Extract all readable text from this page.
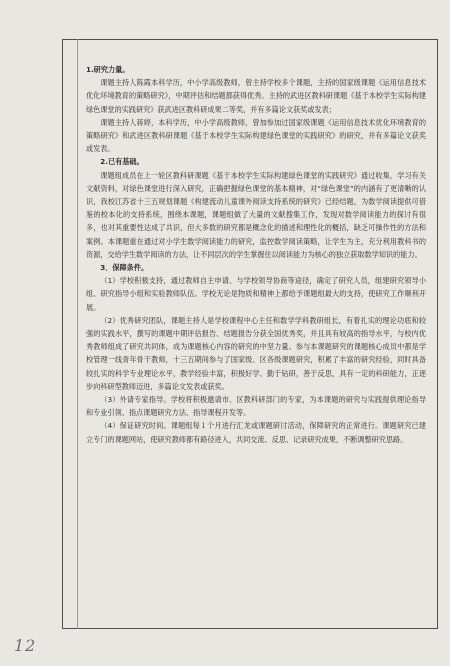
1.研究力量。

课题主持人陈霞本科学历，中小学高级教师，曾主持学校多个课题，主持的国家级课题《运用信息技术优化环境教育的策略研究》，中期评估和结题都获得优秀。主持的武进区教科研课题《基于本校学生实际构建绿色课堂的实践研究》获武进区教科研成果二等奖，并有多篇论文获奖或发表；

课题主持人蒋婷，本科学历，中小学高级教师，曾加参加过国家级课题《运用信息技术优化环境教育的策略研究》和武进区教科研课题《基于本校学生实际构建绿色课堂的实践研究》的研究，并有多篇论文获奖或发表。

2.已有基础。

课题组成员在上一轮区教科研课题《基于本校学生实际构建绿色课堂的实践研究》通过收集、学习有关文献资料，对绿色课堂进行深入研究，正确把握绿色课堂的基本精神，对“绿色课堂”的内涵有了更清晰的认识，我校江苏省十三五规划课题《构建流动儿童课外阅读支持系统的研究》已经结题，为数学阅读提供可借鉴的校本化的支持系统，围绕本课题，课题组做了大量的文献搜集工作，发现对数学阅读能力的探讨有很多，也对其重要性达成了共识，但大多数的研究都是概念化的描述和理性化的概括，缺乏可操作性的方法和案例。本课题重在通过对小学生数学阅读能力的研究，监控数学阅读策略，让学生为主，充分利用教科书的资源，交给学生数学阅读的方法，让不同层次的学生掌握住以阅读能力为核心的独立获取数学知识的能力。

3．保障条件。

（1）学校积极支持，通过教师自主申请、与学校领导协商等途径，确定了研究人员，组建研究领导小组、研究指导小组和实验教师队伍。学校无论是物质和精神上都给予课题组最大的支持，使研究工作顺利开展。

（2）优秀研究团队，课题主持人是学校课程中心主任和数学学科教研组长，有着扎实的理论功底和较强的实践水平，撰写的课题中期评估报告、结题报告分获全国优秀奖，并且具有较高的指导水平，与校内优秀教师组成了研究共同体，成为课题核心内容的研究的中坚力量。参与本课题研究的课题核心成员中都是学校管理一线青年骨干教师，十三五期间参与了国家级、区各级课题研究，积累了丰富的研究经验，同时具备较扎实的科学专业理论水平，教学经验丰富，积极好学、勤于钻研，善于反思，具有一定的科研能力，正逐步向科研型教师迈进，多篇论文发表或获奖。

（3）外请专家指导。学校将积极邀请市、区教科研部门的专家，为本课题的研究与实践提供理论指导和专业引领、指点课题研究方法、指导课程开发等。

（4）保证研究时间。课题组每１个月进行汇龙或课题研讨活动，保障研究的正常进行。课题研究已建立专门的课题网站，使研究教师都有路径进入，共同交流、反思、记录研究成果，不断调整研究思路。

12
